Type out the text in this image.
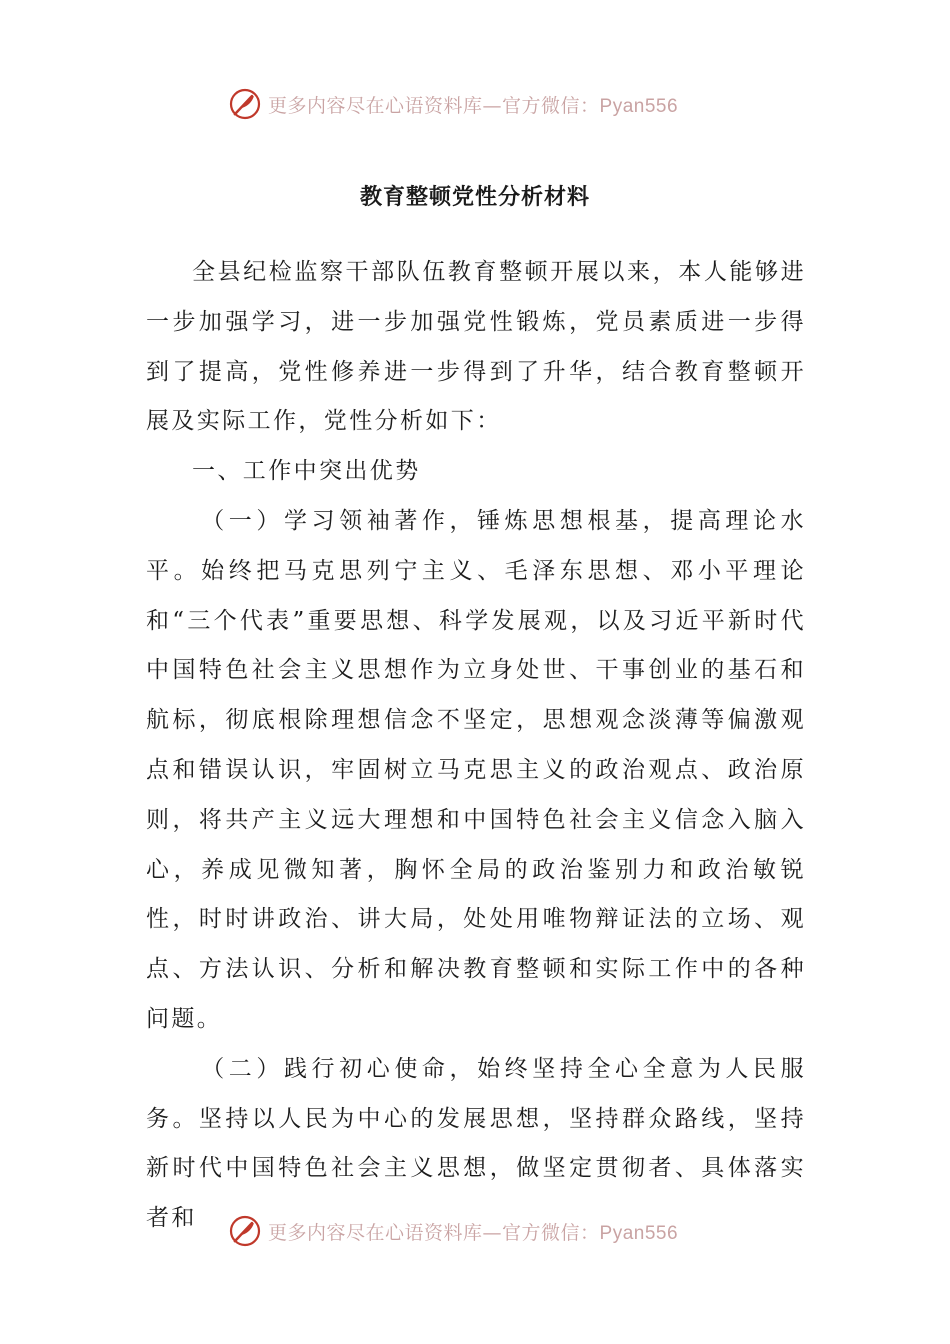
更多内容尽在心语资料库—官方微信：Pyan556
教育整顿党性分析材料

全县纪检监察干部队伍教育整顿开展以来，本人能够进一步加强学习，进一步加强党性锻炼，党员素质进一步得到了提高，党性修养进一步得到了升华，结合教育整顿开展及实际工作，党性分析如下：

一、工作中突出优势

（一）学习领袖著作，锤炼思想根基，提高理论水平。始终把马克思列宁主义、毛泽东思想、邓小平理论和“三个代表”重要思想、科学发展观，以及习近平新时代中国特色社会主义思想作为立身处世、干事创业的基石和航标，彻底根除理想信念不坚定，思想观念淡薄等偏激观点和错误认识，牢固树立马克思主义的政治观点、政治原则，将共产主义远大理想和中国特色社会主义信念入脑入心，养成见微知著，胸怀全局的政治鉴别力和政治敏锐性，时时讲政治、讲大局，处处用唯物辩证法的立场、观点、方法认识、分析和解决教育整顿和实际工作中的各种问题。

（二）践行初心使命，始终坚持全心全意为人民服务。坚持以人民为中心的发展思想，坚持群众路线，坚持新时代中国特色社会主义思想，做坚定贯彻者、具体落实者和

更多内容尽在心语资料库—官方微信：Pyan556
